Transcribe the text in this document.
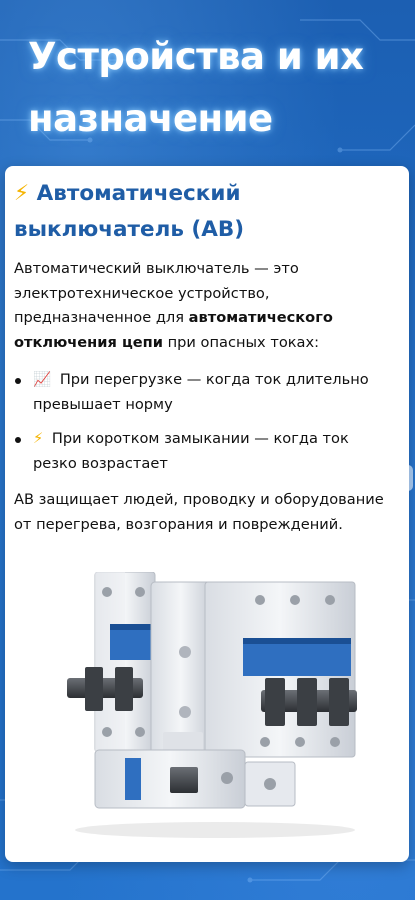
Устройства и их назначение
⚡ Автоматический выключатель (АВ)

Автоматический выключатель — это электротехническое устройство, предназначенное для автоматического отключения цепи при опасных токах:

📈 При перегрузке — когда ток длительно превышает норму
⚡ При коротком замыкании — когда ток резко возрастает

АВ защищает людей, проводку и оборудование от перегрева, возгорания и повреждений.
